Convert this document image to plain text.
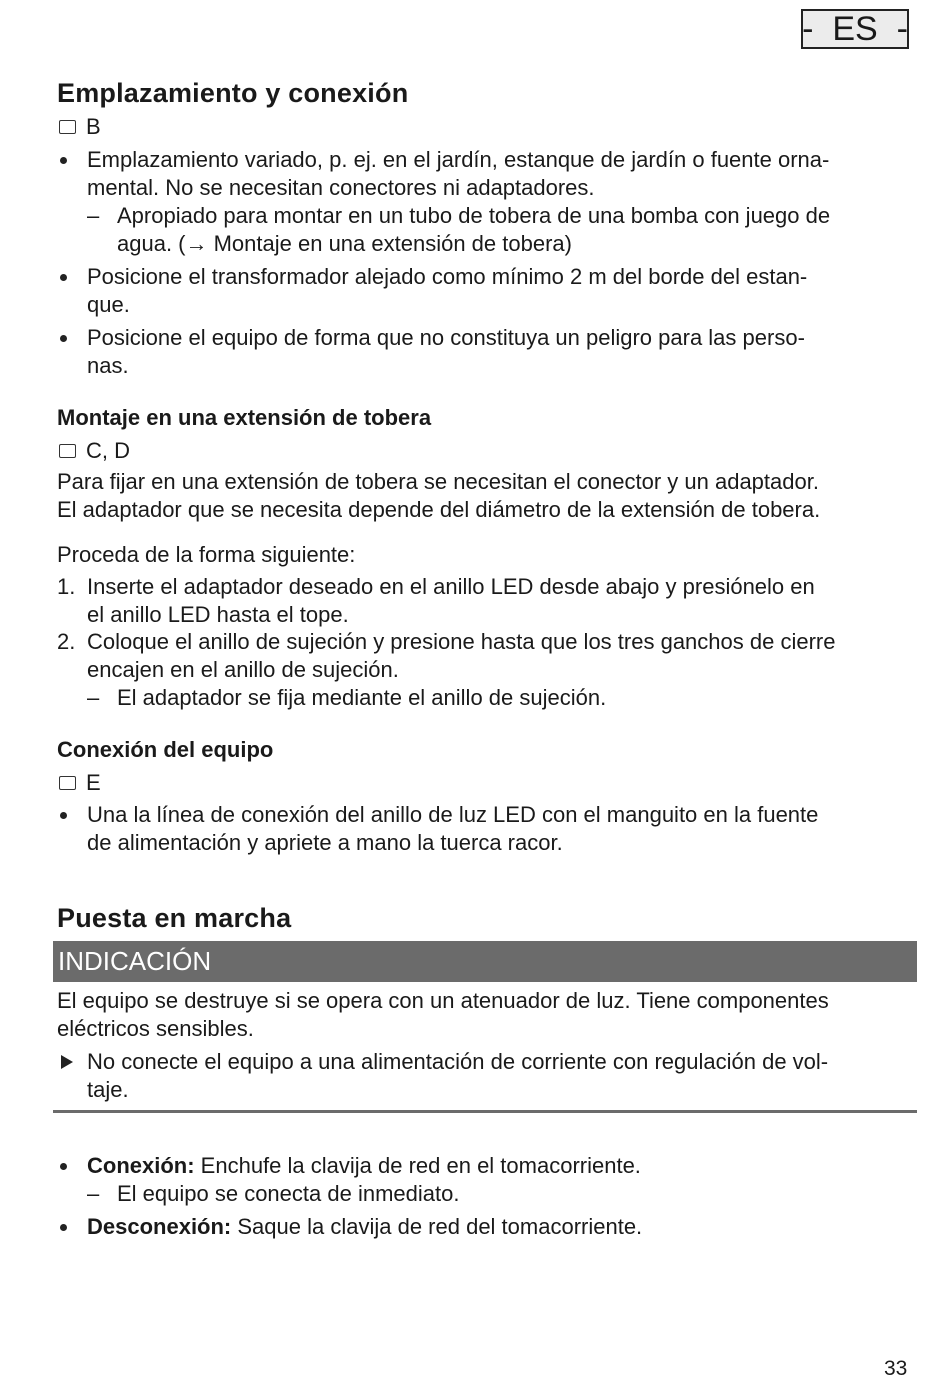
-  ES  -
Emplazamiento y conexión
B
Emplazamiento variado, p. ej. en el jardín, estanque de jardín o fuente orna-
mental. No se necesitan conectores ni adaptadores.
– Apropiado para montar en un tubo de tobera de una bomba con juego de
agua. (→ Montaje en una extensión de tobera)
Posicione el transformador alejado como mínimo 2 m del borde del estan-
que.
Posicione el equipo de forma que no constituya un peligro para las perso-
nas.
Montaje en una extensión de tobera
C, D
Para fijar en una extensión de tobera se necesitan el conector y un adaptador.
El adaptador que se necesita depende del diámetro de la extensión de tobera.
Proceda de la forma siguiente:
1. Inserte el adaptador deseado en el anillo LED desde abajo y presiónelo en
el anillo LED hasta el tope.
2. Coloque el anillo de sujeción y presione hasta que los tres ganchos de cierre
encajen en el anillo de sujeción.
– El adaptador se fija mediante el anillo de sujeción.
Conexión del equipo
E
Una la línea de conexión del anillo de luz LED con el manguito en la fuente
de alimentación y apriete a mano la tuerca racor.
Puesta en marcha
INDICACIÓN
El equipo se destruye si se opera con un atenuador de luz. Tiene componentes
eléctricos sensibles.
No conecte el equipo a una alimentación de corriente con regulación de vol-
taje.
Conexión: Enchufe la clavija de red en el tomacorriente.
– El equipo se conecta de inmediato.
Desconexión: Saque la clavija de red del tomacorriente.
33
